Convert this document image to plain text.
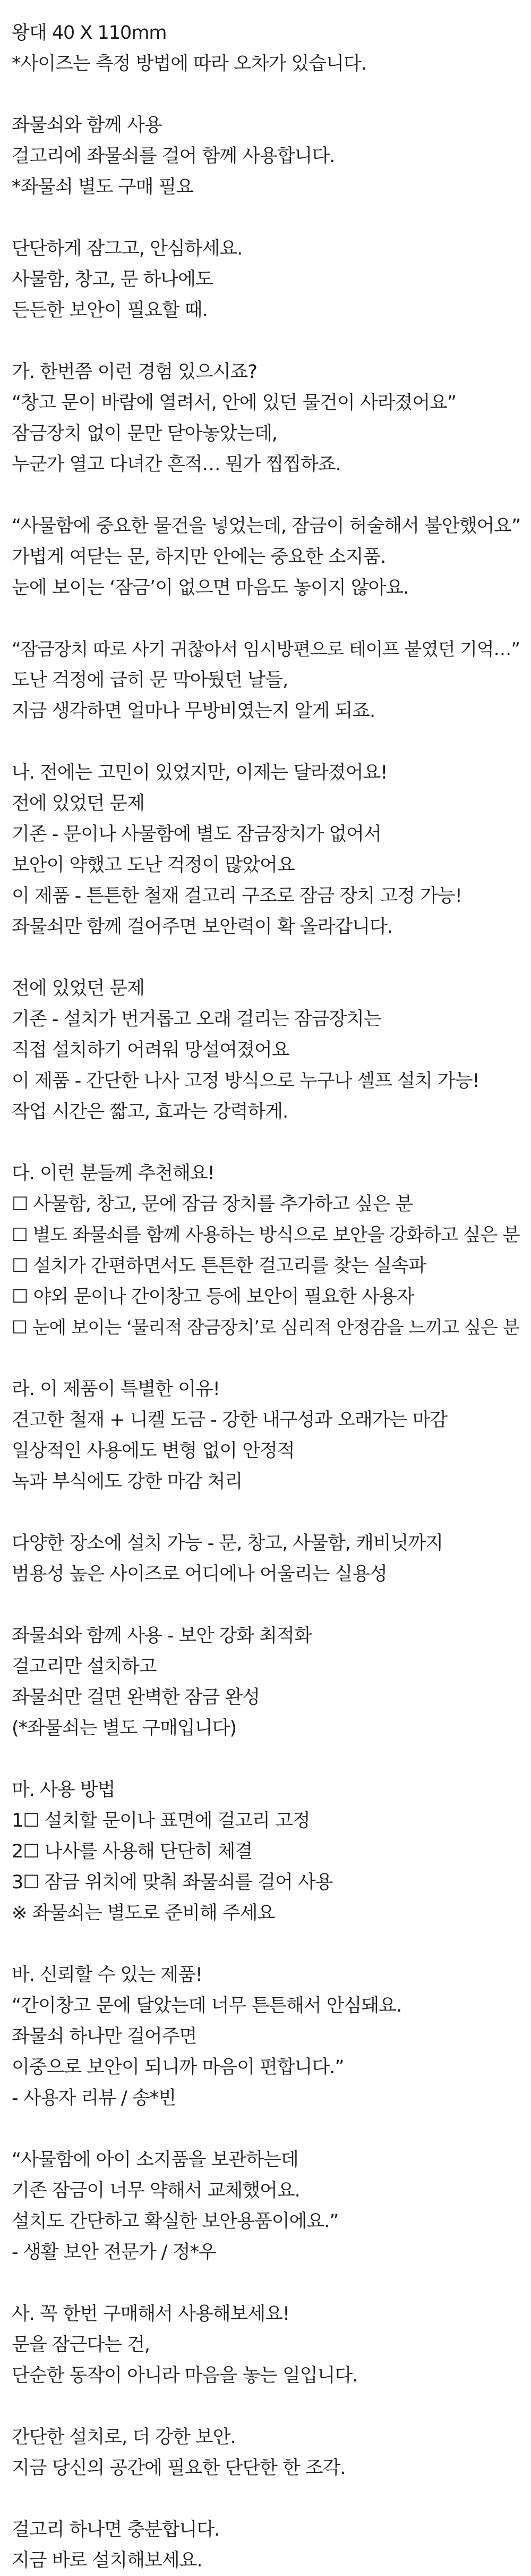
왕대 40 X 110mm
*사이즈는 측정 방법에 따라 오차가 있습니다.
좌물쇠와 함께 사용
걸고리에 좌물쇠를 걸어 함께 사용합니다.
*좌물쇠 별도 구매 필요
단단하게 잠그고, 안심하세요.
사물함, 창고, 문 하나에도
든든한 보안이 필요할 때.
가. 한번쯤 이런 경험 있으시죠?
“창고 문이 바람에 열려서, 안에 있던 물건이 사라졌어요”
잠금장치 없이 문만 닫아놓았는데,
누군가 열고 다녀간 흔적… 뭔가 찝찝하죠.
“사물함에 중요한 물건을 넣었는데, 잠금이 허술해서 불안했어요”
가볍게 여닫는 문, 하지만 안에는 중요한 소지품.
눈에 보이는 ‘잠금’이 없으면 마음도 놓이지 않아요.
“잠금장치 따로 사기 귀찮아서 임시방편으로 테이프 붙였던 기억…”
도난 걱정에 급히 문 막아뒀던 날들,
지금 생각하면 얼마나 무방비였는지 알게 되죠.
나. 전에는 고민이 있었지만, 이제는 달라졌어요!
전에 있었던 문제
기존 - 문이나 사물함에 별도 잠금장치가 없어서
보안이 약했고 도난 걱정이 많았어요
이 제품 - 튼튼한 철재 걸고리 구조로 잠금 장치 고정 가능!
좌물쇠만 함께 걸어주면 보안력이 확 올라갑니다.
전에 있었던 문제
기존 - 설치가 번거롭고 오래 걸리는 잠금장치는
직접 설치하기 어려워 망설여졌어요
이 제품 - 간단한 나사 고정 방식으로 누구나 셀프 설치 가능!
작업 시간은 짧고, 효과는 강력하게.
다. 이런 분들께 추천해요!
☐ 사물함, 창고, 문에 잠금 장치를 추가하고 싶은 분
☐ 별도 좌물쇠를 함께 사용하는 방식으로 보안을 강화하고 싶은 분
☐ 설치가 간편하면서도 튼튼한 걸고리를 찾는 실속파
☐ 야외 문이나 간이창고 등에 보안이 필요한 사용자
☐ 눈에 보이는 ‘물리적 잠금장치’로 심리적 안정감을 느끼고 싶은 분
라. 이 제품이 특별한 이유!
견고한 철재 + 니켈 도금 - 강한 내구성과 오래가는 마감
일상적인 사용에도 변형 없이 안정적
녹과 부식에도 강한 마감 처리
다양한 장소에 설치 가능 - 문, 창고, 사물함, 캐비닛까지
범용성 높은 사이즈로 어디에나 어울리는 실용성
좌물쇠와 함께 사용 - 보안 강화 최적화
걸고리만 설치하고
좌물쇠만 걸면 완벽한 잠금 완성
(*좌물쇠는 별도 구매입니다)
마. 사용 방법
1☐ 설치할 문이나 표면에 걸고리 고정
2☐ 나사를 사용해 단단히 체결
3☐ 잠금 위치에 맞춰 좌물쇠를 걸어 사용
※ 좌물쇠는 별도로 준비해 주세요
바. 신뢰할 수 있는 제품!
“간이창고 문에 달았는데 너무 튼튼해서 안심돼요.
좌물쇠 하나만 걸어주면
이중으로 보안이 되니까 마음이 편합니다.”
- 사용자 리뷰 / 송*빈
“사물함에 아이 소지품을 보관하는데
기존 잠금이 너무 약해서 교체했어요.
설치도 간단하고 확실한 보안용품이에요.”
- 생활 보안 전문가 / 정*우
사. 꼭 한번 구매해서 사용해보세요!
문을 잠근다는 건,
단순한 동작이 아니라 마음을 놓는 일입니다.
간단한 설치로, 더 강한 보안.
지금 당신의 공간에 필요한 단단한 한 조각.
걸고리 하나면 충분합니다.
지금 바로 설치해보세요.
